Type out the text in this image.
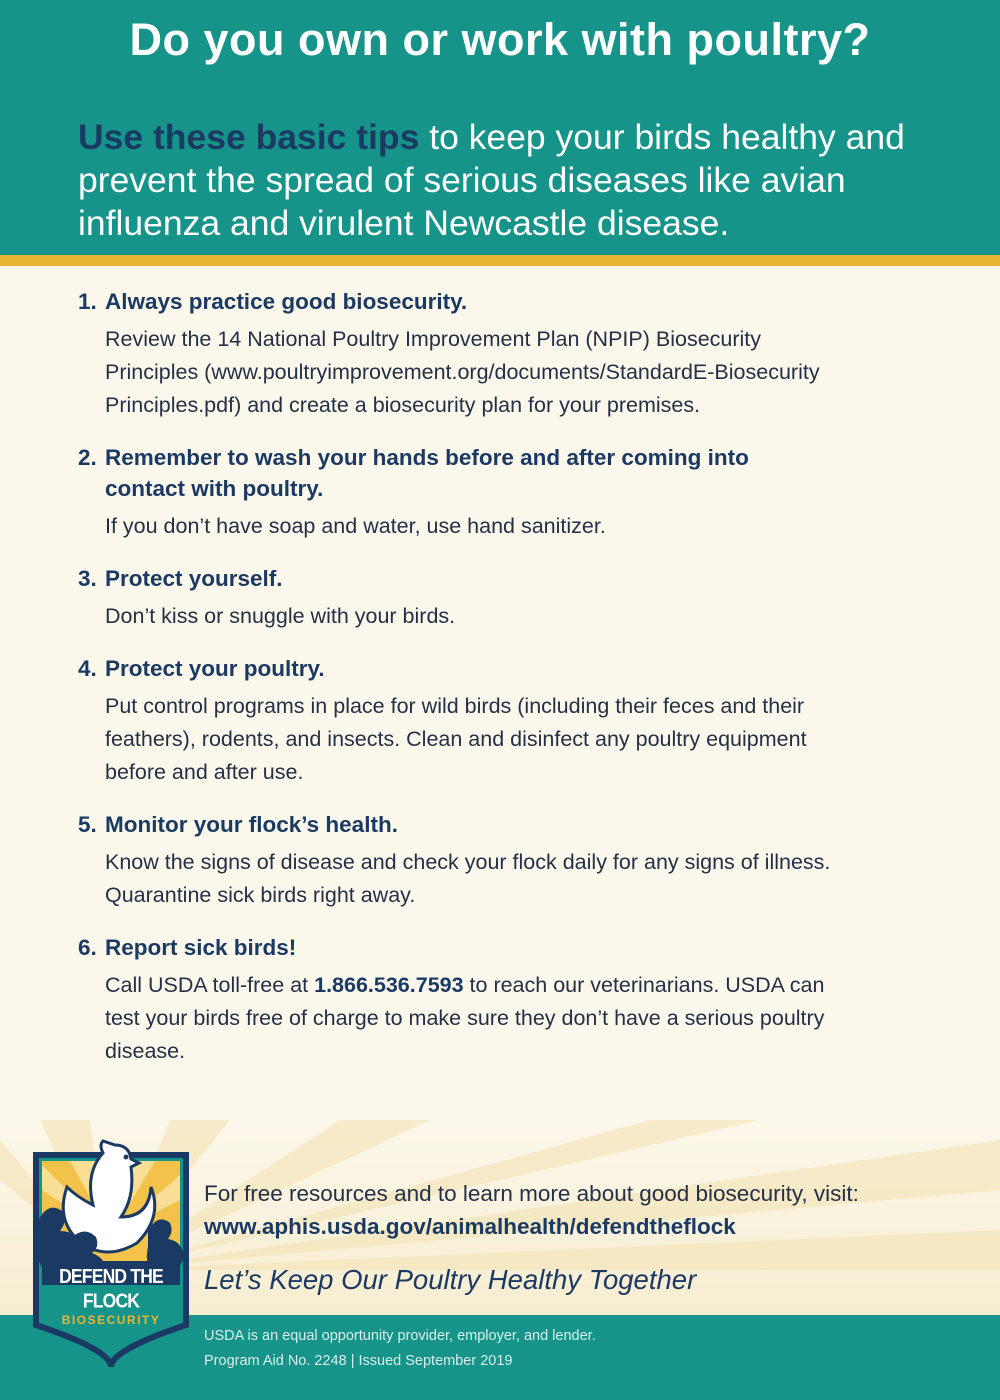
Do you own or work with poultry?

Use these basic tips to keep your birds healthy and prevent the spread of serious diseases like avian influenza and virulent Newcastle disease.

1. Always practice good biosecurity.

Review the 14 National Poultry Improvement Plan (NPIP) Biosecurity Principles (www.poultryimprovement.org/documents/StandardE-Biosecurity Principles.pdf) and create a biosecurity plan for your premises.

2. Remember to wash your hands before and after coming into contact with poultry.

If you don’t have soap and water, use hand sanitizer.

3. Protect yourself.

Don’t kiss or snuggle with your birds.

4. Protect your poultry.

Put control programs in place for wild birds (including their feces and their feathers), rodents, and insects. Clean and disinfect any poultry equipment before and after use.

5. Monitor your flock’s health.

Know the signs of disease and check your flock daily for any signs of illness. Quarantine sick birds right away.

6. Report sick birds!

Call USDA toll-free at 1.866.536.7593 to reach our veterinarians. USDA can test your birds free of charge to make sure they don’t have a serious poultry disease.

For free resources and to learn more about good biosecurity, visit: www.aphis.usda.gov/animalhealth/defendtheflock

Let’s Keep Our Poultry Healthy Together

USDA is an equal opportunity provider, employer, and lender.
Program Aid No. 2248 | Issued September 2019
DEFEND THE FLOCK
BIOSECURITY
